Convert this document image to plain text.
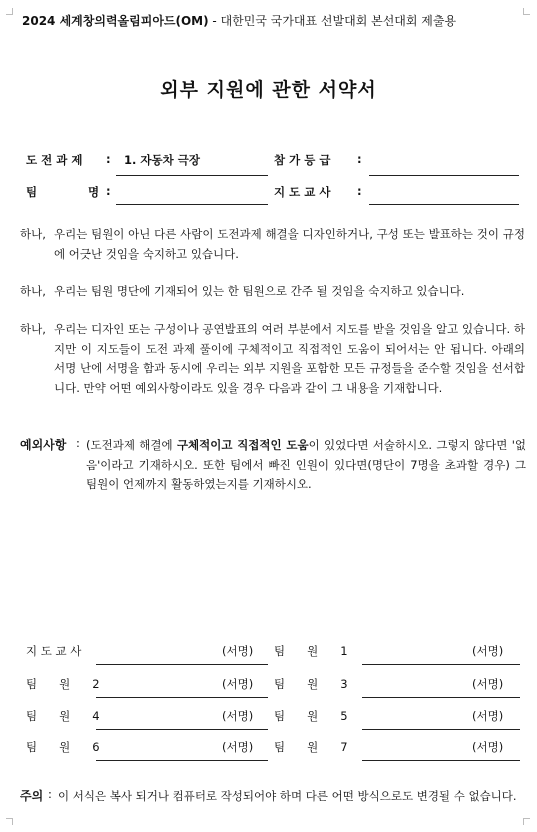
2024 세계창의력올림피아드(OM) - 대한민국 국가대표 선발대회 본선대회 제출용
외부 지원에 관한 서약서
도 전 과 제 : 1. 자동차 극장	참 가 등 급 :
팀	명 :	지 도 교 사 :
하나, 우리는 팀원이 아닌 다른 사람이 도전과제 해결을 디자인하거나, 구성 또는 발표하는 것이 규정에 어긋난 것임을 숙지하고 있습니다.
하나, 우리는 팀원 명단에 기재되어 있는 한 팀원으로 간주 될 것임을 숙지하고 있습니다.
하나, 우리는 디자인 또는 구성이나 공연발표의 여러 부분에서 지도를 받을 것임을 알고 있습니다. 하지만 이 지도들이 도전 과제 풀이에 구체적이고 직접적인 도움이 되어서는 안 됩니다. 아래의 서명 난에 서명을 함과 동시에 우리는 외부 지원을 포함한 모든 규정들을 준수할 것임을 선서합니다. 만약 어떤 예외사항이라도 있을 경우 다음과 같이 그 내용을 기재합니다.
예외사항 : (도전과제 해결에 구체적이고 직접적인 도움이 있었다면 서술하시오. 그렇지 않다면 '없음'이라고 기재하시오. 또한 팀에서 빠진 인원이 있다면(명단이 7명을 초과할 경우) 그 팀원이 언제까지 활동하였는지를 기재하시오.
지 도 교 사	(서명) 팀 원 1	(서명)
팀 원 2	(서명) 팀 원 3	(서명)
팀 원 4	(서명) 팀 원 5	(서명)
팀 원 6	(서명) 팀 원 7	(서명)
주의 : 이 서식은 복사 되거나 컴퓨터로 작성되어야 하며 다른 어떤 방식으로도 변경될 수 없습니다.
